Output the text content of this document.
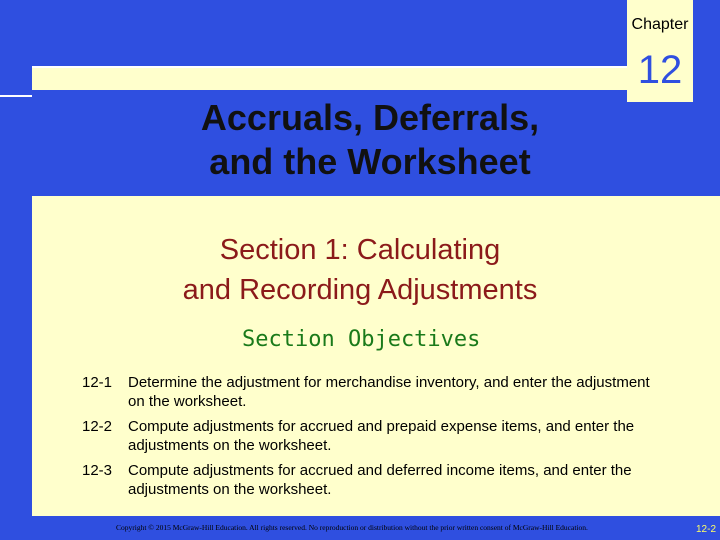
Chapter
12
Accruals, Deferrals,
and the Worksheet
Section 1: Calculating
and Recording Adjustments
Section Objectives
12-1	Determine the adjustment for merchandise inventory, and enter the adjustment on the worksheet.
12-2	Compute adjustments for accrued and prepaid expense items, and enter the adjustments on the worksheet.
12-3	Compute adjustments for accrued and deferred income items, and enter the adjustments on the worksheet.
Copyright © 2015 McGraw-Hill Education. All rights reserved. No reproduction or distribution without the prior written consent of McGraw-Hill Education.	12-2
